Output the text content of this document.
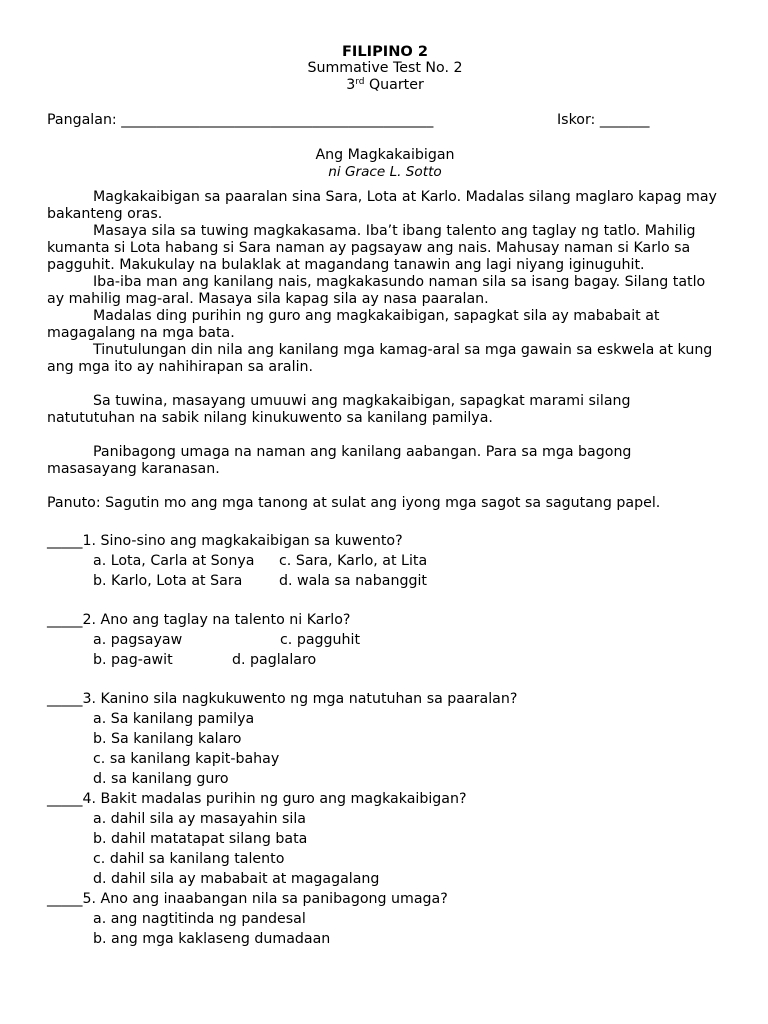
FILIPINO 2
Summative Test No. 2
3rd Quarter
Pangalan: ____________________________________________	Iskor: _______
Ang Magkakaibigan
ni Grace L. Sotto

Magkakaibigan sa paaralan sina Sara, Lota at Karlo. Madalas silang maglaro kapag may bakanteng oras.

Masaya sila sa tuwing magkakasama. Iba’t ibang talento ang taglay ng tatlo. Mahilig kumanta si Lota habang si Sara naman ay pagsayaw ang nais. Mahusay naman si Karlo sa pagguhit. Makukulay na bulaklak at magandang tanawin ang lagi niyang iginuguhit.

Iba-iba man ang kanilang nais, magkakasundo naman sila sa isang bagay. Silang tatlo ay mahilig mag-aral. Masaya sila kapag sila ay nasa paaralan.

Madalas ding purihin ng guro ang magkakaibigan, sapagkat sila ay mababait at magagalang na mga bata.

Tinutulungan din nila ang kanilang mga kamag-aral sa mga gawain sa eskwela at kung ang mga ito ay nahihirapan sa aralin.

Sa tuwina, masayang umuuwi ang magkakaibigan, sapagkat marami silang natututuhan na sabik nilang kinukuwento sa kanilang pamilya.

Panibagong umaga na naman ang kanilang aabangan. Para sa mga bagong masasayang karanasan.

Panuto: Sagutin mo ang mga tanong at sulat ang iyong mga sagot sa sagutang papel.
_____1. Sino-sino ang magkakaibigan sa kuwento?
a. Lota, Carla at Sonya c. Sara, Karlo, at Lita
b. Karlo, Lota at Sara	d. wala sa nabanggit
_____2. Ano ang taglay na talento ni Karlo?
a. pagsayaw	c. pagguhit
b. pag-awit	d. paglalaro
_____3. Kanino sila nagkukuwento ng mga natutuhan sa paaralan?
a. Sa kanilang pamilya
b. Sa kanilang kalaro
c. sa kanilang kapit-bahay
d. sa kanilang guro
_____4. Bakit madalas purihin ng guro ang magkakaibigan?
a. dahil sila ay masayahin sila
b. dahil matatapat silang bata
c. dahil sa kanilang talento
d. dahil sila ay mababait at magagalang
_____5. Ano ang inaabangan nila sa panibagong umaga?
a. ang nagtitinda ng pandesal
b. ang mga kaklaseng dumadaan
